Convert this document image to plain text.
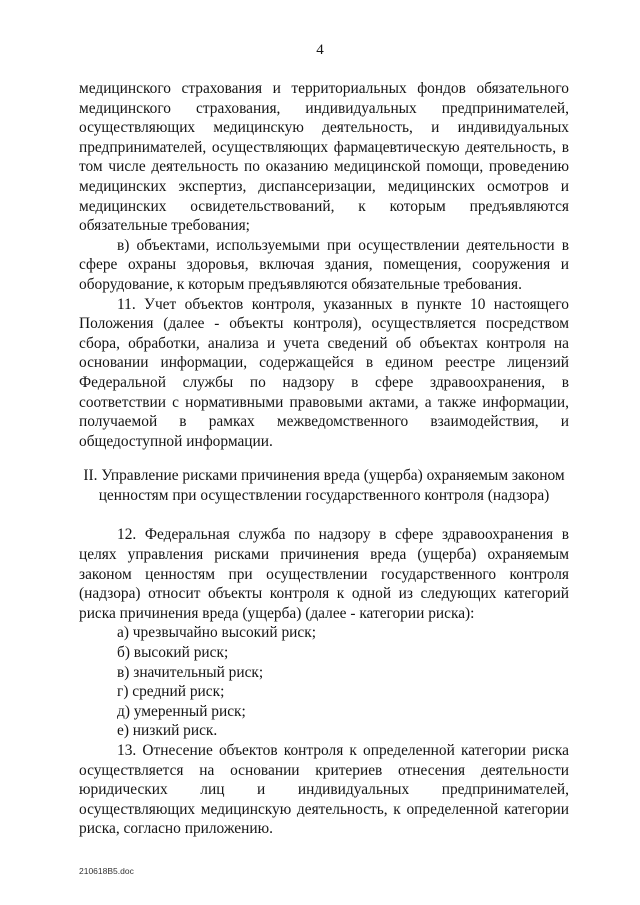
4

медицинского страхования и территориальных фондов обязательного медицинского страхования, индивидуальных предпринимателей, осуществляющих медицинскую деятельность, и индивидуальных предпринимателей, осуществляющих фармацевтическую деятельность, в том числе деятельность по оказанию медицинской помощи, проведению медицинских экспертиз, диспансеризации, медицинских осмотров и медицинских освидетельствований, к которым предъявляются обязательные требования;

в) объектами, используемыми при осуществлении деятельности в сфере охраны здоровья, включая здания, помещения, сооружения и оборудование, к которым предъявляются обязательные требования.

11. Учет объектов контроля, указанных в пункте 10 настоящего Положения (далее - объекты контроля), осуществляется посредством сбора, обработки, анализа и учета сведений об объектах контроля на основании информации, содержащейся в едином реестре лицензий Федеральной службы по надзору в сфере здравоохранения, в соответствии с нормативными правовыми актами, а также информации, получаемой в рамках межведомственного взаимодействия, и общедоступной информации.

II. Управление рисками причинения вреда (ущерба) охраняемым законом
ценностям при осуществлении государственного контроля (надзора)

12. Федеральная служба по надзору в сфере здравоохранения в целях управления рисками причинения вреда (ущерба) охраняемым законом ценностям при осуществлении государственного контроля (надзора) относит объекты контроля к одной из следующих категорий риска причинения вреда (ущерба) (далее - категории риска):

а) чрезвычайно высокий риск;

б) высокий риск;

в) значительный риск;

г) средний риск;

д) умеренный риск;

е) низкий риск.

13. Отнесение объектов контроля к определенной категории риска осуществляется на основании критериев отнесения деятельности юридических лиц и индивидуальных предпринимателей, осуществляющих медицинскую деятельность, к определенной категории риска, согласно приложению.

210618B5.doc
